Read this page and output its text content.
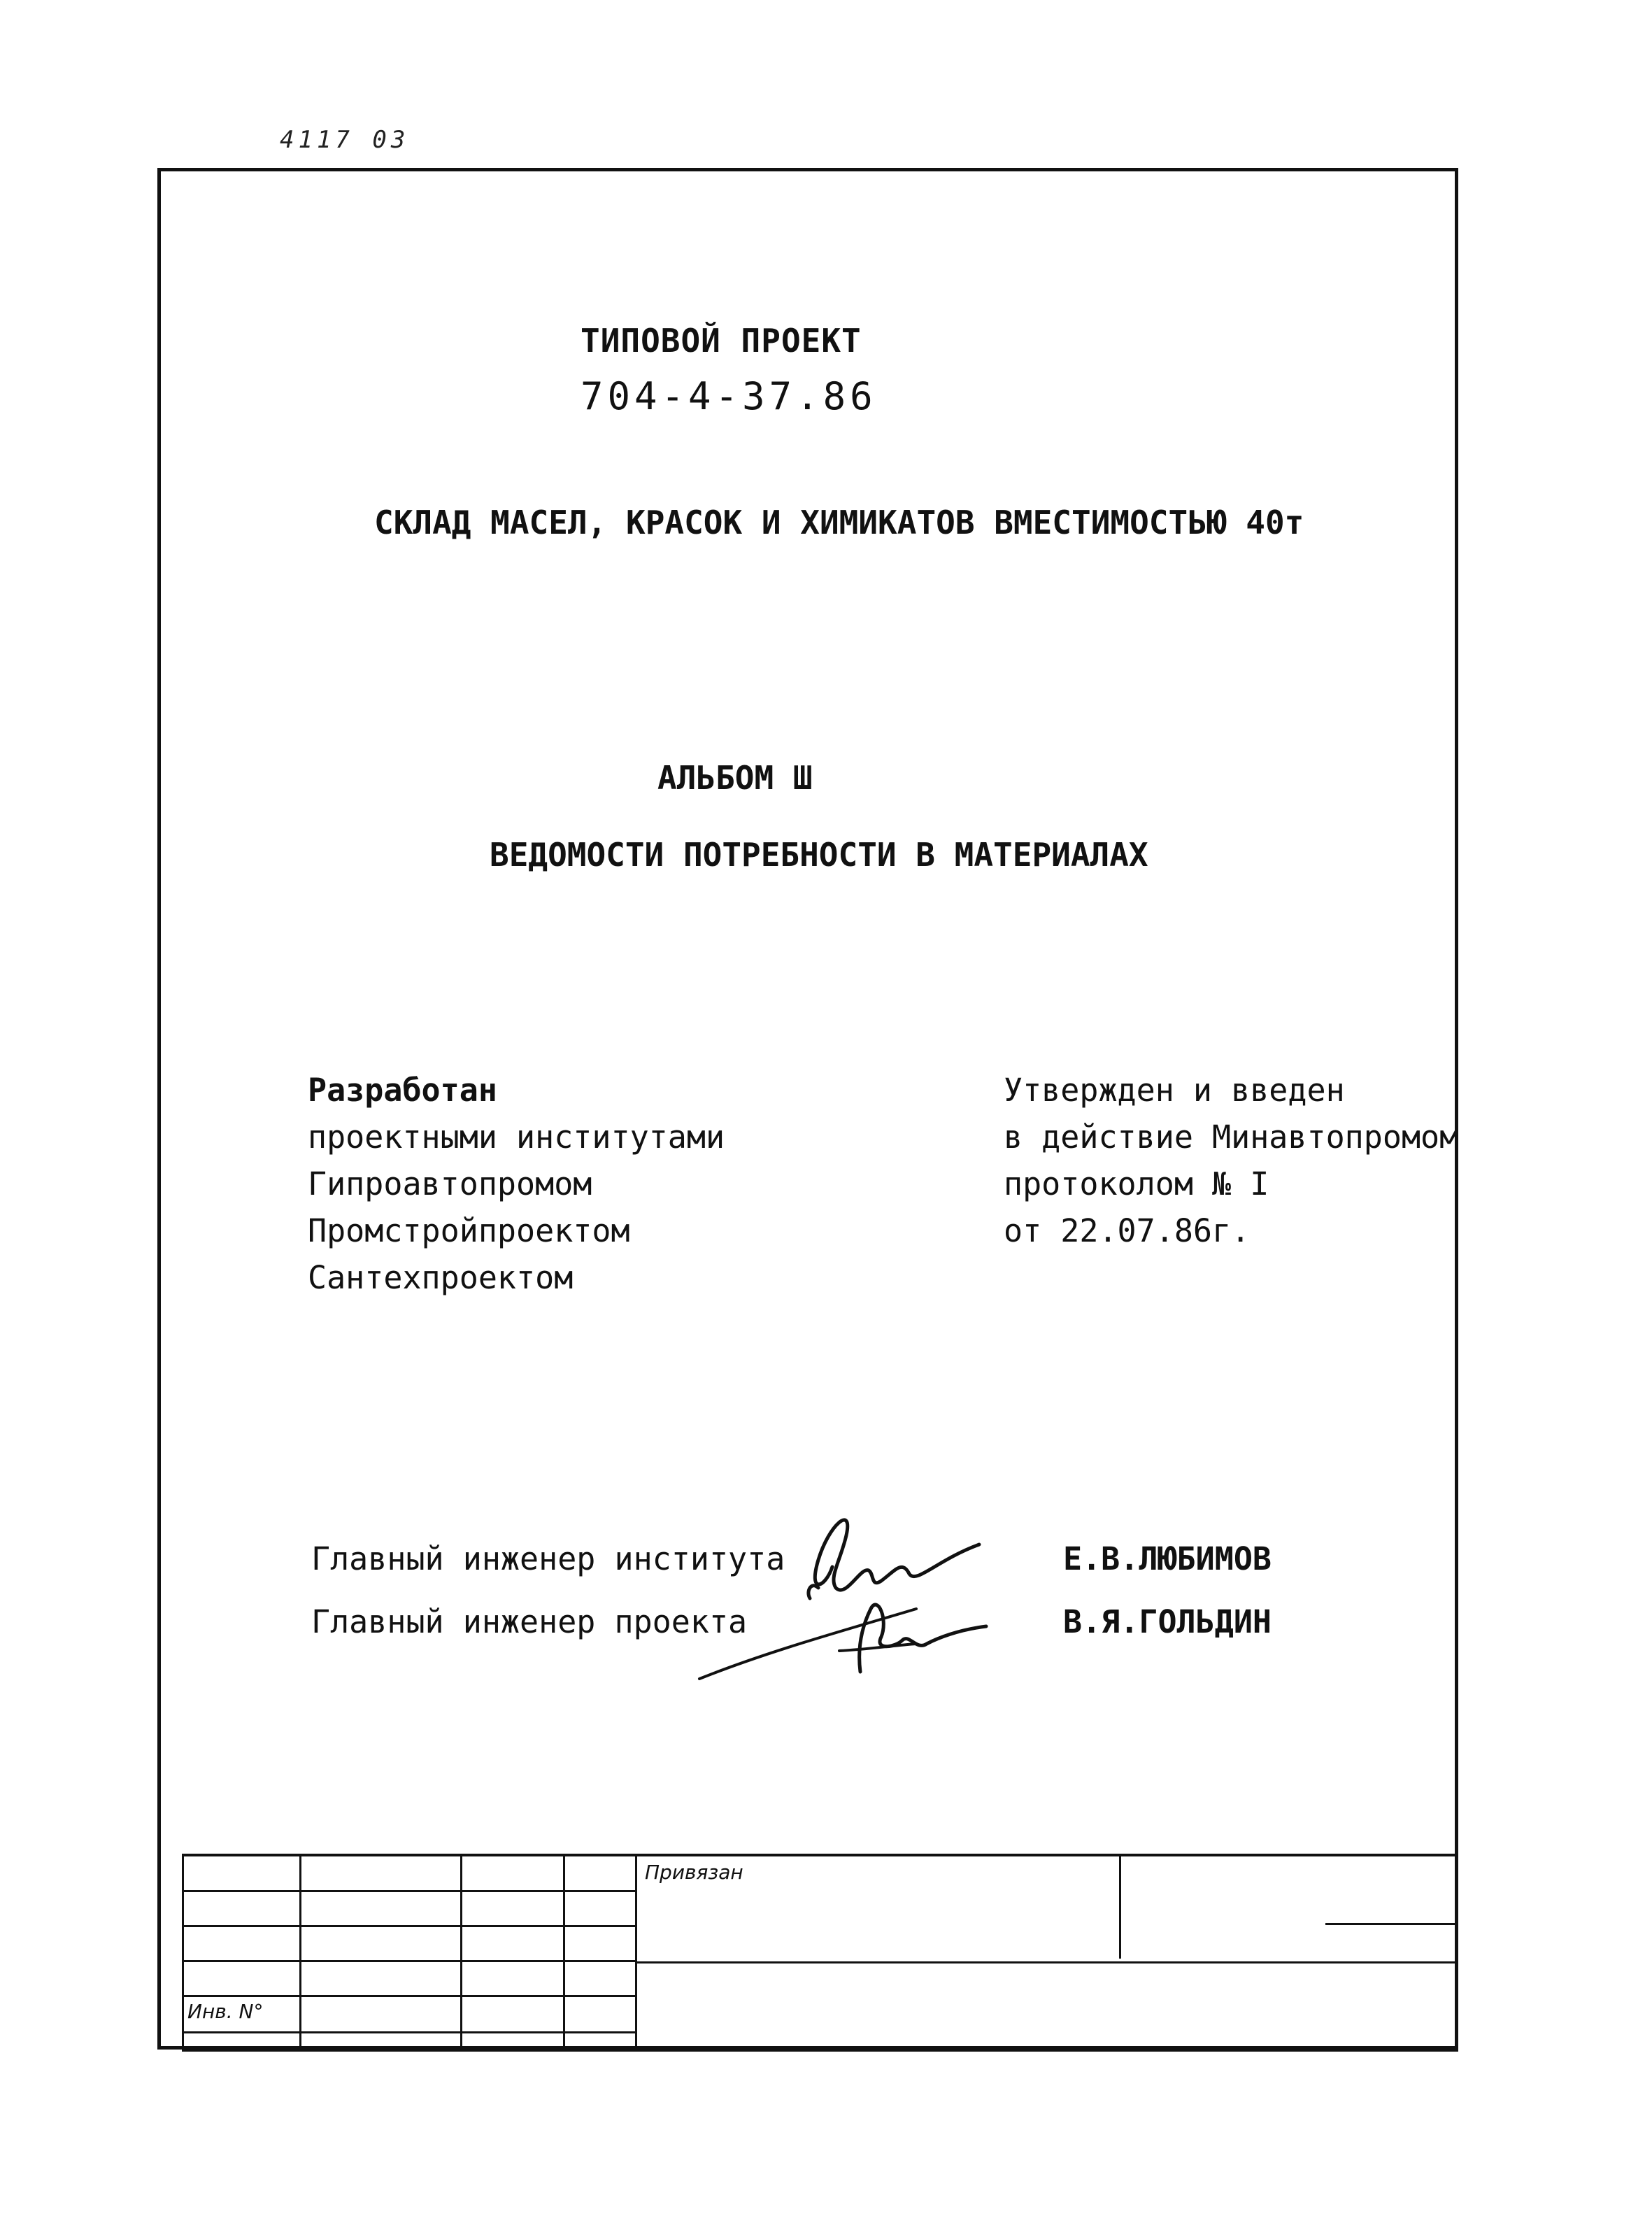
4117 03
ТИПОВОЙ ПРОЕКТ
704-4-37.86
СКЛАД МАСЕЛ, КРАСОК И ХИМИКАТОВ ВМЕСТИМОСТЬЮ 40т
АЛЬБОМ Ш
ВЕДОМОСТИ ПОТРЕБНОСТИ В МАТЕРИАЛАХ
Разработан
проектными институтами
Гипроавтопромом
Промстройпроектом
Сантехпроектом
Утвержден и введен
в действие Минавтопромом
протоколом № I
от 22.07.86г.
Главный инженер института	Е.В.ЛЮБИМОВ
Главный инженер проекта	В.Я.ГОЛЬДИН
Привязан
Инв. N°
